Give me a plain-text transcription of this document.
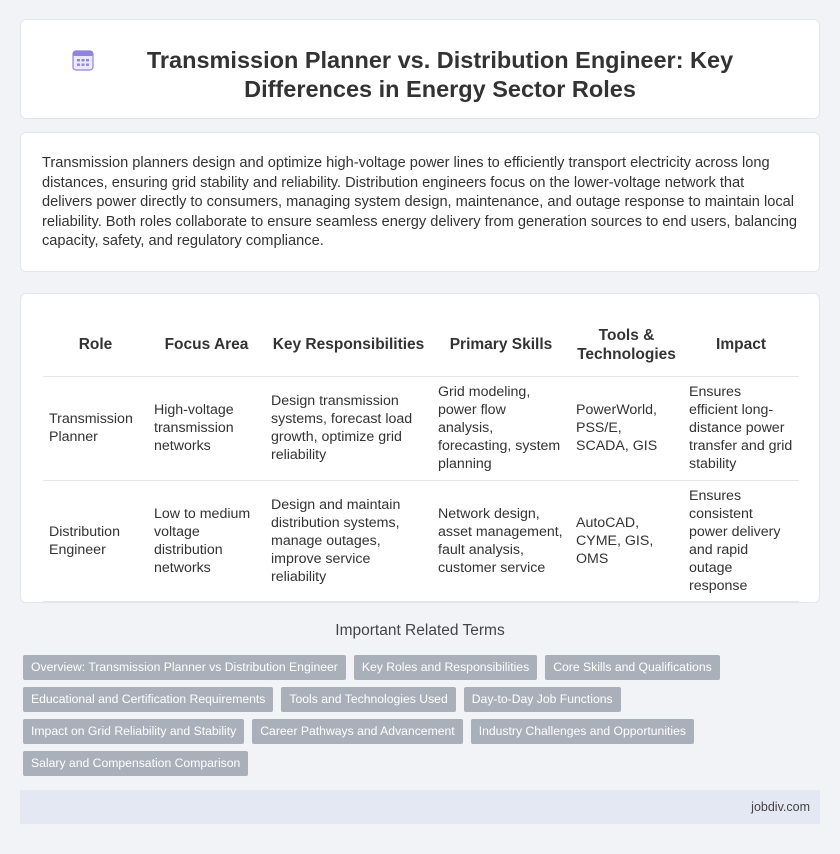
Transmission Planner vs. Distribution Engineer: Key Differences in Energy Sector Roles

Transmission planners design and optimize high-voltage power lines to efficiently transport electricity across long distances, ensuring grid stability and reliability. Distribution engineers focus on the lower-voltage network that delivers power directly to consumers, managing system design, maintenance, and outage response to maintain local reliability. Both roles collaborate to ensure seamless energy delivery from generation sources to end users, balancing capacity, safety, and regulatory compliance.

Role	Focus Area	Key Responsibilities	Primary Skills	Tools & Technologies	Impact
Transmission Planner	High-voltage transmission networks	Design transmission systems, forecast load growth, optimize grid reliability	Grid modeling, power flow analysis, forecasting, system planning	PowerWorld, PSS/E, SCADA, GIS	Ensures efficient long-distance power transfer and grid stability
Distribution Engineer	Low to medium voltage distribution networks	Design and maintain distribution systems, manage outages, improve service reliability	Network design, asset management, fault analysis, customer service	AutoCAD, CYME, GIS, OMS	Ensures consistent power delivery and rapid outage response
Important Related Terms
Overview: Transmission Planner vs Distribution Engineer	Key Roles and Responsibilities	Core Skills and Qualifications
Educational and Certification Requirements	Tools and Technologies Used	Day-to-Day Job Functions
Impact on Grid Reliability and Stability	Career Pathways and Advancement	Industry Challenges and Opportunities
Salary and Compensation Comparison
jobdiv.com
